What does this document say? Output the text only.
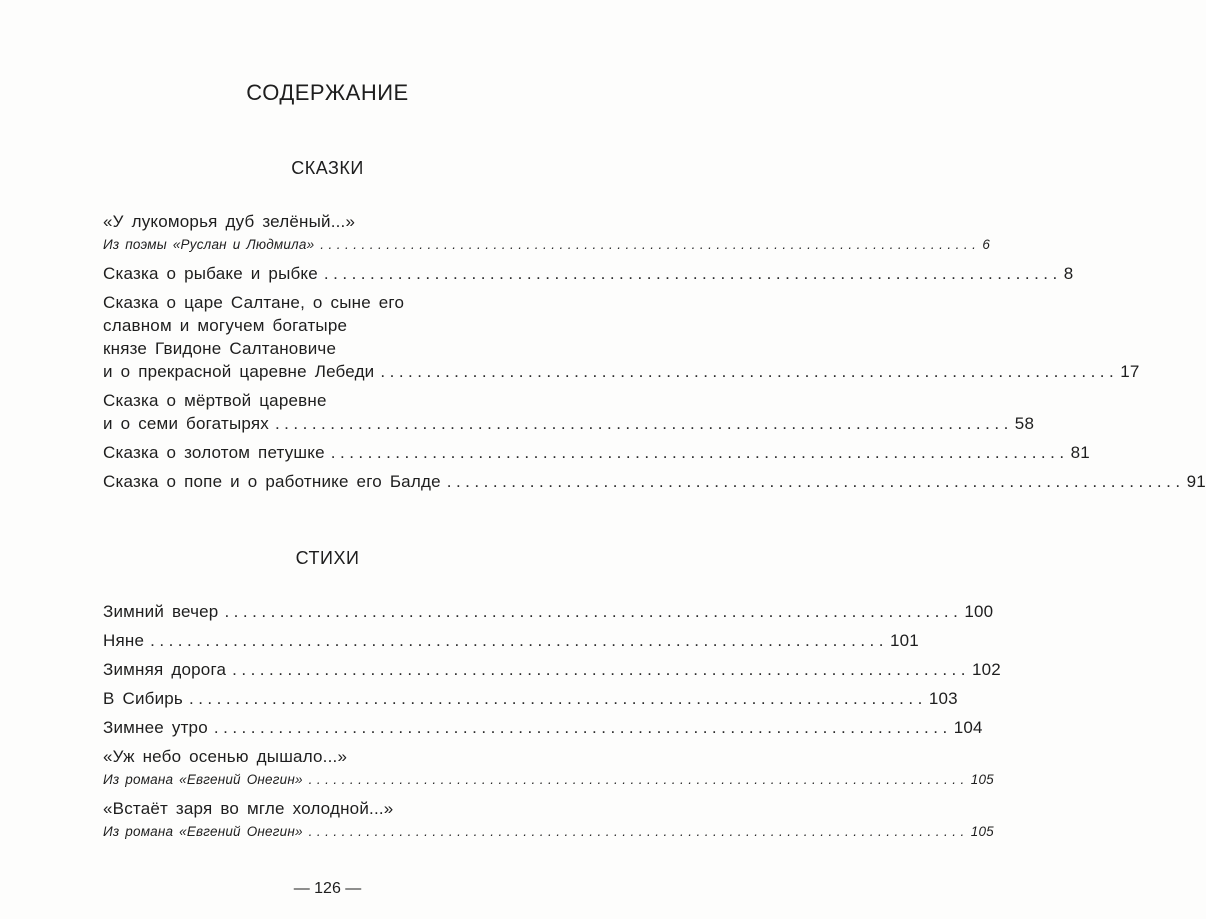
СОДЕРЖАНИЕ
СКАЗКИ
«У лукоморья дуб зелёный...»
Из поэмы «Руслан и Людмила» ................................................................................ 6
Сказка о рыбаке и рыбке ................................................................................ 8
Сказка о царе Салтане, о сыне его
славном и могучем богатыре
князе Гвидоне Салтановиче
и о прекрасной царевне Лебеди ................................................................................ 17
Сказка о мёртвой царевне
и о семи богатырях ................................................................................ 58
Сказка о золотом петушке ................................................................................ 81
Сказка о попе и о работнике его Балде ................................................................................ 91
СТИХИ
Зимний вечер ................................................................................ 100
Няне ................................................................................ 101
Зимняя дорога ................................................................................ 102
В Сибирь ................................................................................ 103
Зимнее утро ................................................................................ 104
«Уж небо осенью дышало...»
Из романа «Евгений Онегин» ................................................................................ 105
«Встаёт заря во мгле холодной...»
Из романа «Евгений Онегин» ................................................................................ 105
— 126 —
